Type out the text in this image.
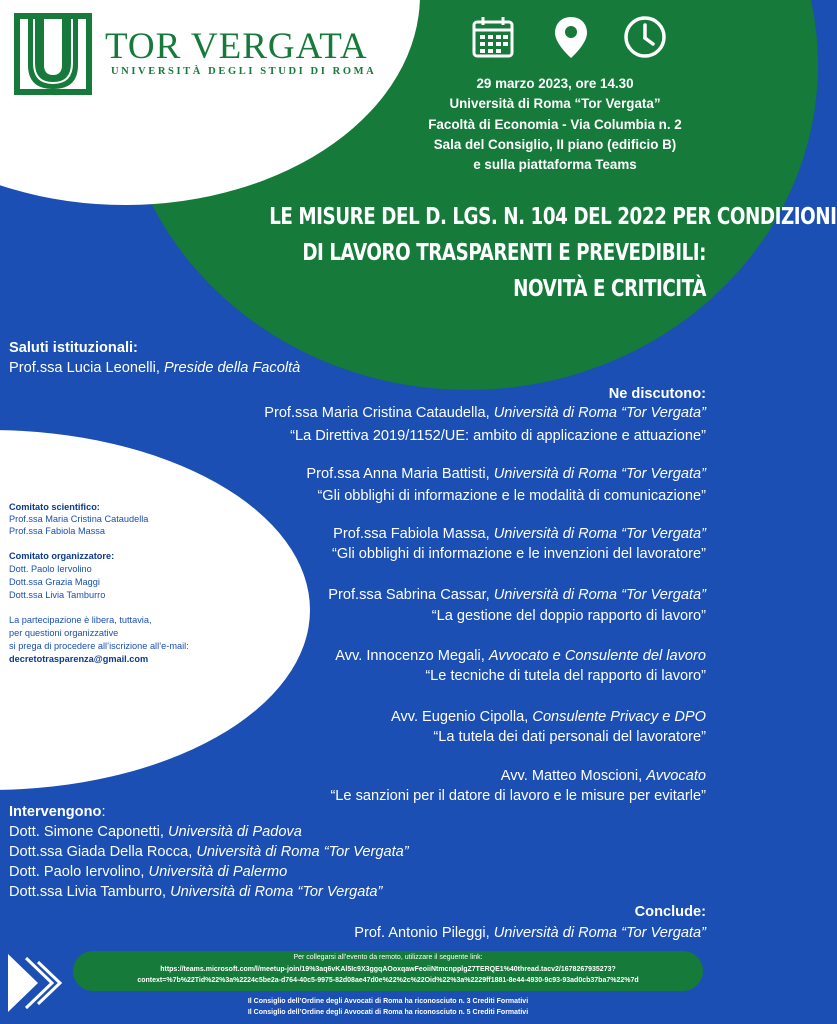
TOR VERGATA
UNIVERSITÀ DEGLI STUDI DI ROMA
29 marzo 2023, ore 14.30
Università di Roma “Tor Vergata”
Facoltà di Economia - Via Columbia n. 2
Sala del Consiglio, II piano (edificio B)
e sulla piattaforma Teams
LE MISURE DEL D. LGS. N. 104 DEL 2022 PER CONDIZIONI
DI LAVORO TRASPARENTI E PREVEDIBILI:
NOVITÀ E CRITICITÀ
Saluti istituzionali:
Prof.ssa Lucia Leonelli, Preside della Facoltà
Ne discutono:
Prof.ssa Maria Cristina Cataudella, Università di Roma “Tor Vergata”
“La Direttiva 2019/1152/UE: ambito di applicazione e attuazione”
Prof.ssa Anna Maria Battisti, Università di Roma “Tor Vergata”
“Gli obblighi di informazione e le modalità di comunicazione”
Prof.ssa Fabiola Massa, Università di Roma “Tor Vergata”
“Gli obblighi di informazione e le invenzioni del lavoratore”
Prof.ssa Sabrina Cassar, Università di Roma “Tor Vergata”
“La gestione del doppio rapporto di lavoro”
Avv. Innocenzo Megali, Avvocato e Consulente del lavoro
“Le tecniche di tutela del rapporto di lavoro”
Avv. Eugenio Cipolla, Consulente Privacy e DPO
“La tutela dei dati personali del lavoratore”
Avv. Matteo Moscioni, Avvocato
“Le sanzioni per il datore di lavoro e le misure per evitarle”
Comitato scientifico:
Prof.ssa Maria Cristina Cataudella
Prof.ssa Fabiola Massa
Comitato organizzatore:
Dott. Paolo Iervolino
Dott.ssa Grazia Maggi
Dott.ssa Livia Tamburro
La partecipazione è libera, tuttavia,
per questioni organizzative
si prega di procedere all’iscrizione all’e-mail:
decretotrasparenza@gmail.com
Intervengono:
Dott. Simone Caponetti, Università di Padova
Dott.ssa Giada Della Rocca, Università di Roma “Tor Vergata”
Dott. Paolo Iervolino, Università di Palermo
Dott.ssa Livia Tamburro, Università di Roma “Tor Vergata”
Conclude:
Prof. Antonio Pileggi, Università di Roma “Tor Vergata”
Per collegarsi all’evento da remoto, utilizzare il seguente link:
https://teams.microsoft.com/l/meetup-join/19%3aq6vKAl5Ic9X3ggqAOoxqawFeoiiNtmcnpplgZ7TERQE1%40thread.tacv2/1678267935273?
context=%7b%22Tid%22%3a%2224c5be2a-d764-40c5-9975-82d08ae47d0e%22%2c%22Oid%22%3a%2229ff1881-8e44-4930-9c93-93ad0cb37ba7%22%7d
Il Consiglio dell’Ordine degli Avvocati di Roma ha riconosciuto n. 3 Crediti Formativi
Il Consiglio dell’Ordine degli Avvocati di Roma ha riconosciuto n. 5 Crediti Formativi
